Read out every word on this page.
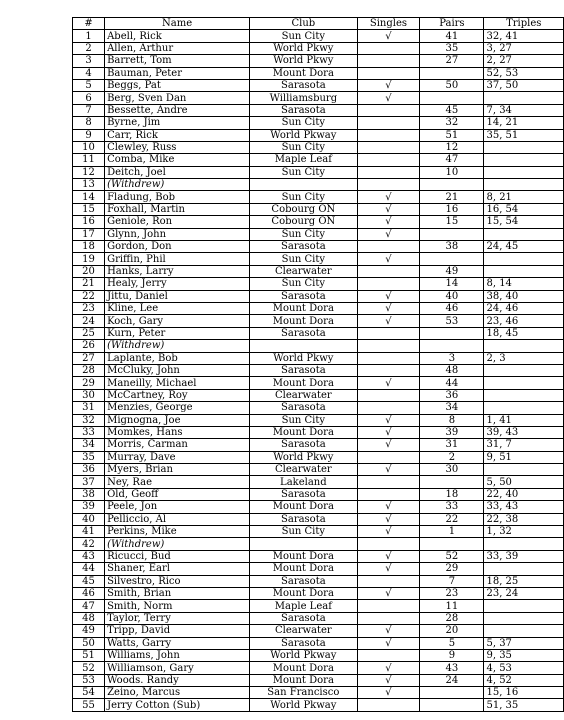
#	Name	Club	Singles	Pairs	Triples
1	Abell, Rick	Sun City	√	41	32, 41
2	Allen, Arthur	World Pkwy		35	3, 27
3	Barrett, Tom	World Pkwy		27	2, 27
4	Bauman, Peter	Mount Dora			52, 53
5	Beggs, Pat	Sarasota	√	50	37, 50
6	Berg, Sven Dan	Williamsburg	√		
7	Bessette, Andre	Sarasota		45	7, 34
8	Byrne, Jim	Sun City		32	14, 21
9	Carr, Rick	World Pkway		51	35, 51
10	Clewley, Russ	Sun City		12	
11	Comba, Mike	Maple Leaf		47	
12	Deitch, Joel	Sun City		10	
13	(Withdrew)				
14	Fladung, Bob	Sun City	√	21	8, 21
15	Foxhall, Martin	Cobourg ON	√	16	16, 54
16	Geniole, Ron	Cobourg ON	√	15	15, 54
17	Glynn, John	Sun City	√		
18	Gordon, Don	Sarasota		38	24, 45
19	Griffin, Phil	Sun City	√		
20	Hanks, Larry	Clearwater		49	
21	Healy, Jerry	Sun City		14	8, 14
22	Jittu, Daniel	Sarasota	√	40	38, 40
23	Kline, Lee	Mount Dora	√	46	24, 46
24	Koch, Gary	Mount Dora	√	53	23, 46
25	Kurn, Peter	Sarasota			18, 45
26	(Withdrew)				
27	Laplante, Bob	World Pkwy		3	2, 3
28	McCluky, John	Sarasota		48	
29	Maneilly, Michael	Mount Dora	√	44	
30	McCartney, Roy	Clearwater		36	
31	Menzies, George	Sarasota		34	
32	Mignogna, Joe	Sun City	√	8	1, 41
33	Momkes, Hans	Mount Dora	√	39	39, 43
34	Morris, Carman	Sarasota	√	31	31, 7
35	Murray, Dave	World Pkwy		2	9, 51
36	Myers, Brian	Clearwater	√	30	
37	Ney, Rae	Lakeland			5, 50
38	Old, Geoff	Sarasota		18	22, 40
39	Peele, Jon	Mount Dora	√	33	33, 43
40	Pelliccio, Al	Sarasota	√	22	22, 38
41	Perkins, Mike	Sun City	√	1	1, 32
42	(Withdrew)				
43	Ricucci, Bud	Mount Dora	√	52	33, 39
44	Shaner, Earl	Mount Dora	√	29	
45	Silvestro, Rico	Sarasota		7	18, 25
46	Smith, Brian	Mount Dora	√	23	23, 24
47	Smith, Norm	Maple Leaf		11	
48	Taylor, Terry	Sarasota		28	
49	Tripp, David	Clearwater	√	20	
50	Watts, Garry	Sarasota	√	5	5, 37
51	Williams, John	World Pkway		9	9, 35
52	Williamson, Gary	Mount Dora	√	43	4, 53
53	Woods. Randy	Mount Dora	√	24	4, 52
54	Zeino, Marcus	San Francisco	√		15, 16
55	Jerry Cotton (Sub)	World Pkway			51, 35
